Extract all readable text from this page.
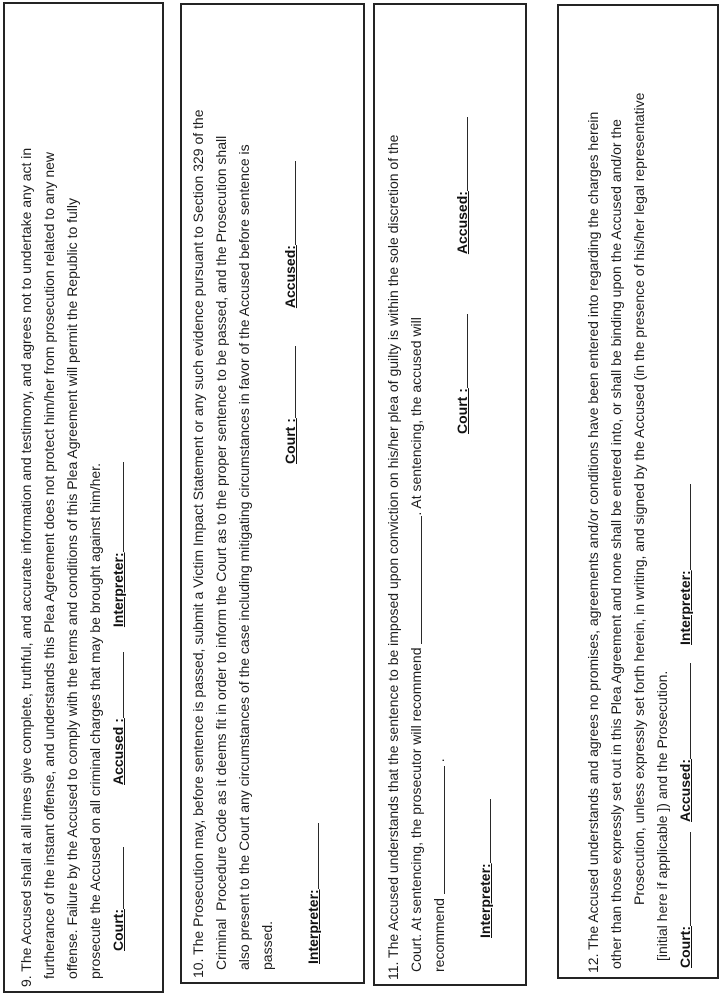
9. The Accused shall at all times give complete, truthful, and accurate information and testimony, and agrees not to undertake any act in furtherance of the instant offense, and understands this Plea Agreement does not protect him/her from prosecution related to any new offense. Failure by the Accused to comply with the terms and conditions of this Plea Agreement will permit the Republic to fully prosecute the Accused on all criminal charges that may be brought against him/her. Court:Accused :Interpreter:	10. The Prosecution may, before sentence is passed, submit a Victim Impact Statement or any such evidence pursuant to Section 329 of the Criminal  Procedure Code as it deems fit in order to inform the Court as to the proper sentence to be passed, and the Prosecution shall also present to the Court any circumstances of the case including mitigating circumstances in favor of the Accused before sentence is passed.
Court :Accused:
Interpreter:	11. The Accused understands that the sentence to be imposed upon conviction on his/her plea of guilty is within the sole discretion of the Court. At sentencing, the prosecutor will recommend . At sentencing, the accused will
recommend  .
Court :Accused:
Interpreter:	12. The Accused understands and agrees no promises, agreements and/or conditions have been entered into regarding the charges herein other than those expressly set out in this Plea Agreement and none shall be entered into, or shall be binding upon the Accused and/or the Prosecution, unless expressly set forth herein, in writing, and signed by the Accused (in the presence of his/her legal representative [initial here if applicable ]) and the Prosecution. Court:Accused:Interpreter:
